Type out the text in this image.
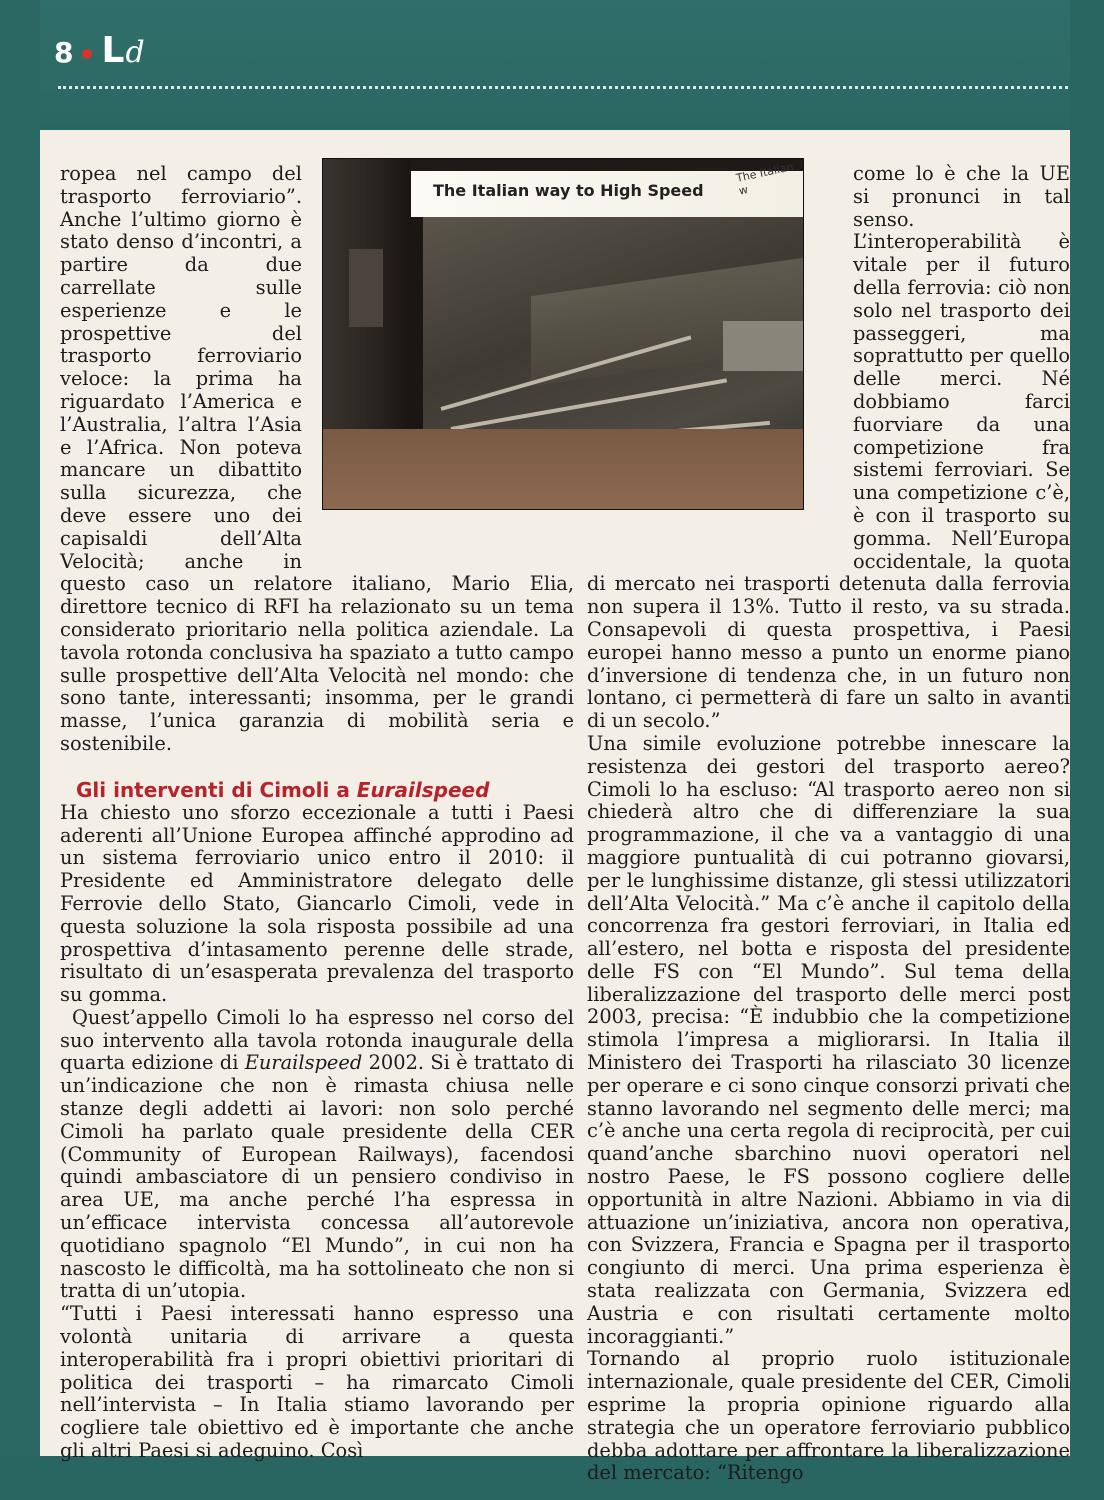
8 L d

ropea nel campo del trasporto ferroviario”. Anche l’ultimo giorno è stato denso d’incontri, a partire da due carrellate sulle esperienze e le prospettive del trasporto ferroviario veloce: la prima ha riguardato l’America e l’Australia, l’altra l’Asia e l’Africa. Non poteva mancare un dibattito sulla sicurezza, che deve essere uno dei capisaldi dell’Alta Velocità; anche in questo caso un relatore italiano, Mario Elia, direttore tecnico di RFI ha relazionato su un tema considerato prioritario nella politica aziendale. La tavola rotonda conclusiva ha spaziato a tutto campo sulle prospettive dell’Alta Velocità nel mondo: che sono tante, interessanti; insomma, per le grandi masse, l’unica garanzia di mobilità seria e sostenibile.

Gli interventi di Cimoli a Eurailspeed

Ha chiesto uno sforzo eccezionale a tutti i Paesi aderenti all’Unione Europea affinché approdino ad un sistema ferroviario unico entro il 2010: il Presidente ed Amministratore delegato delle Ferrovie dello Stato, Giancarlo Cimoli, vede in questa soluzione la sola risposta possibile ad una prospettiva d’intasamento perenne delle strade, risultato di un’esasperata prevalenza del trasporto su gomma.

Quest’appello Cimoli lo ha espresso nel corso del suo intervento alla tavola rotonda inaugurale della quarta edizione di Eurailspeed 2002. Si è trattato di un’indicazione che non è rimasta chiusa nelle stanze degli addetti ai lavori: non solo perché Cimoli ha parlato quale presidente della CER (Community of European Railways), facendosi quindi ambasciatore di un pensiero condiviso in area UE, ma anche perché l’ha espressa in un’efficace intervista concessa all’autorevole quotidiano spagnolo “El Mundo”, in cui non ha nascosto le difficoltà, ma ha sottolineato che non si tratta di un’utopia.

“Tutti i Paesi interessati hanno espresso una volontà unitaria di arrivare a questa interoperabilità fra i propri obiettivi prioritari di politica dei trasporti – ha rimarcato Cimoli nell’intervista – In Italia stiamo lavorando per cogliere tale obiettivo ed è importante che anche gli altri Paesi si adeguino. Così

come lo è che la UE si pronunci in tal senso. L’interoperabilità è vitale per il futuro della ferrovia: ciò non solo nel trasporto dei passeggeri, ma soprattutto per quello delle merci. Né dobbiamo farci fuorviare da una competizione fra sistemi ferroviari. Se una competizione c’è, è con il trasporto su gomma. Nell’Europa occidentale, la quota di mercato nei trasporti detenuta dalla ferrovia non supera il 13%. Tutto il resto, va su strada. Consapevoli di questa prospettiva, i Paesi europei hanno messo a punto un enorme piano d’inversione di tendenza che, in un futuro non lontano, ci permetterà di fare un salto in avanti di un secolo.”

Una simile evoluzione potrebbe innescare la resistenza dei gestori del trasporto aereo? Cimoli lo ha escluso: “Al trasporto aereo non si chiederà altro che di differenziare la sua programmazione, il che va a vantaggio di una maggiore puntualità di cui potranno giovarsi, per le lunghissime distanze, gli stessi utilizzatori dell’Alta Velocità.” Ma c’è anche il capitolo della concorrenza fra gestori ferroviari, in Italia ed all’estero, nel botta e risposta del presidente delle FS con “El Mundo”. Sul tema della liberalizzazione del trasporto delle merci post 2003, precisa: “È indubbio che la competizione stimola l’impresa a migliorarsi. In Italia il Ministero dei Trasporti ha rilasciato 30 licenze per operare e ci sono cinque consorzi privati che stanno lavorando nel segmento delle merci; ma c’è anche una certa regola di reciprocità, per cui quand’anche sbarchino nuovi operatori nel nostro Paese, le FS possono cogliere delle opportunità in altre Nazioni. Abbiamo in via di attuazione un’iniziativa, ancora non operativa, con Svizzera, Francia e Spagna per il trasporto congiunto di merci. Una prima esperienza è stata realizzata con Germania, Svizzera ed Austria e con risultati certamente molto incoraggianti.”

Tornando al proprio ruolo istituzionale internazionale, quale presidente del CER, Cimoli esprime la propria opinione riguardo alla strategia che un operatore ferroviario pubblico debba adottare per affrontare la liberalizzazione del mercato: “Ritengo

The Italian way to High Speed
The Italian w
